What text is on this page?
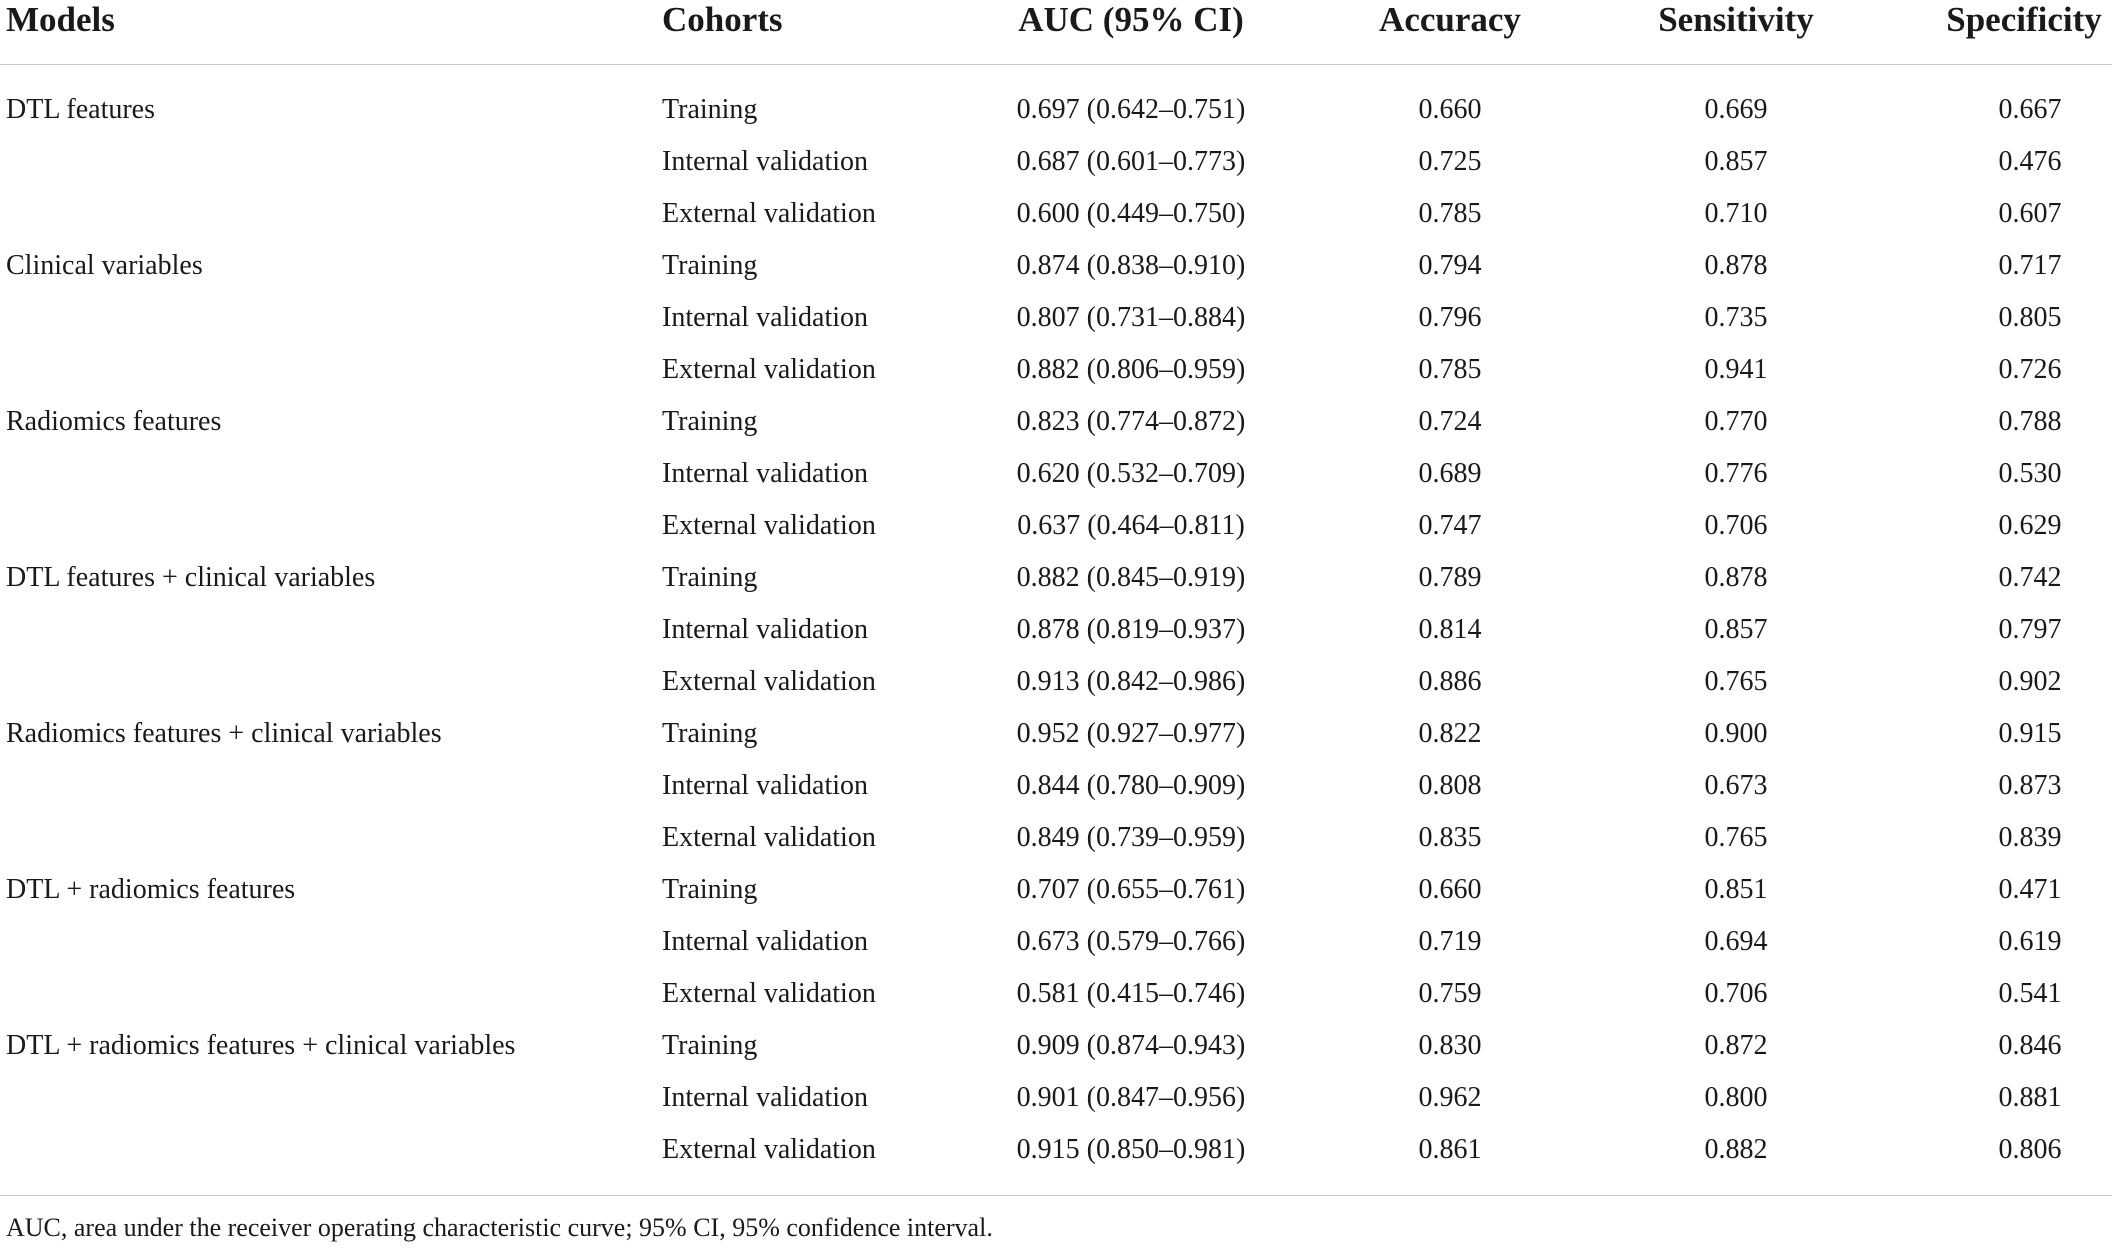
Models	Cohorts	AUC (95% CI)	Accuracy	Sensitivity	Specificity
DTL features	Training	0.697 (0.642–0.751)	0.660	0.669	0.667
Internal validation	0.687 (0.601–0.773)	0.725	0.857	0.476
External validation	0.600 (0.449–0.750)	0.785	0.710	0.607
Clinical variables	Training	0.874 (0.838–0.910)	0.794	0.878	0.717
Internal validation	0.807 (0.731–0.884)	0.796	0.735	0.805
External validation	0.882 (0.806–0.959)	0.785	0.941	0.726
Radiomics features	Training	0.823 (0.774–0.872)	0.724	0.770	0.788
Internal validation	0.620 (0.532–0.709)	0.689	0.776	0.530
External validation	0.637 (0.464–0.811)	0.747	0.706	0.629
DTL features + clinical variables	Training	0.882 (0.845–0.919)	0.789	0.878	0.742
Internal validation	0.878 (0.819–0.937)	0.814	0.857	0.797
External validation	0.913 (0.842–0.986)	0.886	0.765	0.902
Radiomics features + clinical variables	Training	0.952 (0.927–0.977)	0.822	0.900	0.915
Internal validation	0.844 (0.780–0.909)	0.808	0.673	0.873
External validation	0.849 (0.739–0.959)	0.835	0.765	0.839
DTL + radiomics features	Training	0.707 (0.655–0.761)	0.660	0.851	0.471
Internal validation	0.673 (0.579–0.766)	0.719	0.694	0.619
External validation	0.581 (0.415–0.746)	0.759	0.706	0.541
DTL + radiomics features + clinical variables	Training	0.909 (0.874–0.943)	0.830	0.872	0.846
Internal validation	0.901 (0.847–0.956)	0.962	0.800	0.881
External validation	0.915 (0.850–0.981)	0.861	0.882	0.806
AUC, area under the receiver operating characteristic curve; 95% CI, 95% confidence interval.
